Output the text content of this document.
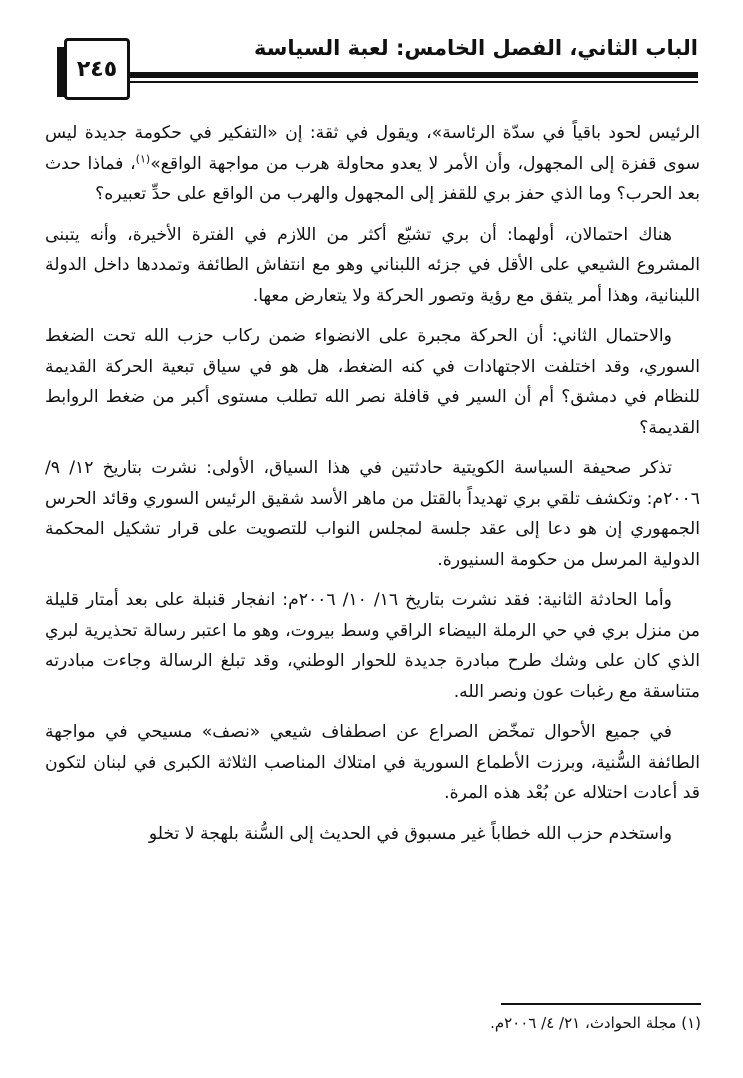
٢٤٥
الباب الثاني، الفصل الخامس: لعبة السياسة

الرئيس لحود باقياً في سدّة الرئاسة»، ويقول في ثقة: إن «التفكير في حكومة جديدة ليس سوى قفزة إلى المجهول، وأن الأمر لا يعدو محاولة هرب من مواجهة الواقع»$^{(١)}$، فماذا حدث بعد الحرب؟ وما الذي حفز بري للقفز إلى المجهول والهرب من الواقع على حدِّ تعبيره؟

هناك احتمالان، أولهما: أن بري تشيّع أكثر من اللازم في الفترة الأخيرة، وأنه يتبنى المشروع الشيعي على الأقل في جزئه اللبناني وهو مع انتفاش الطائفة وتمددها داخل الدولة اللبنانية، وهذا أمر يتفق مع رؤية وتصور الحركة ولا يتعارض معها.

والاحتمال الثاني: أن الحركة مجبرة على الانضواء ضمن ركاب حزب الله تحت الضغط السوري، وقد اختلفت الاجتهادات في كنه الضغط، هل هو في سياق تبعية الحركة القديمة للنظام في دمشق؟ أم أن السير في قافلة نصر الله تطلب مستوى أكبر من ضغط الروابط القديمة؟

تذكر صحيفة السياسة الكويتية حادثتين في هذا السياق، الأولى: نشرت بتاريخ ١٢/ ٩/ ٢٠٠٦م: وتكشف تلقي بري تهديداً بالقتل من ماهر الأسد شقيق الرئيس السوري وقائد الحرس الجمهوري إن هو دعا إلى عقد جلسة لمجلس النواب للتصويت على قرار تشكيل المحكمة الدولية المرسل من حكومة السنيورة.

وأما الحادثة الثانية: فقد نشرت بتاريخ ١٦/ ١٠/ ٢٠٠٦م: انفجار قنبلة على بعد أمتار قليلة من منزل بري في حي الرملة البيضاء الراقي وسط بيروت، وهو ما اعتبر رسالة تحذيرية لبري الذي كان على وشك طرح مبادرة جديدة للحوار الوطني، وقد تبلغ الرسالة وجاءت مبادرته متناسقة مع رغبات عون ونصر الله.

في جميع الأحوال تمخّض الصراع عن اصطفاف شيعي «نصف» مسيحي في مواجهة الطائفة السُّنية، وبرزت الأطماع السورية في امتلاك المناصب الثلاثة الكبرى في لبنان لتكون قد أعادت احتلاله عن بُعْد هذه المرة.

واستخدم حزب الله خطاباً غير مسبوق في الحديث إلى السُّنة بلهجة لا تخلو

(١) مجلة الحوادث، ٢١/ ٤/ ٢٠٠٦م.
